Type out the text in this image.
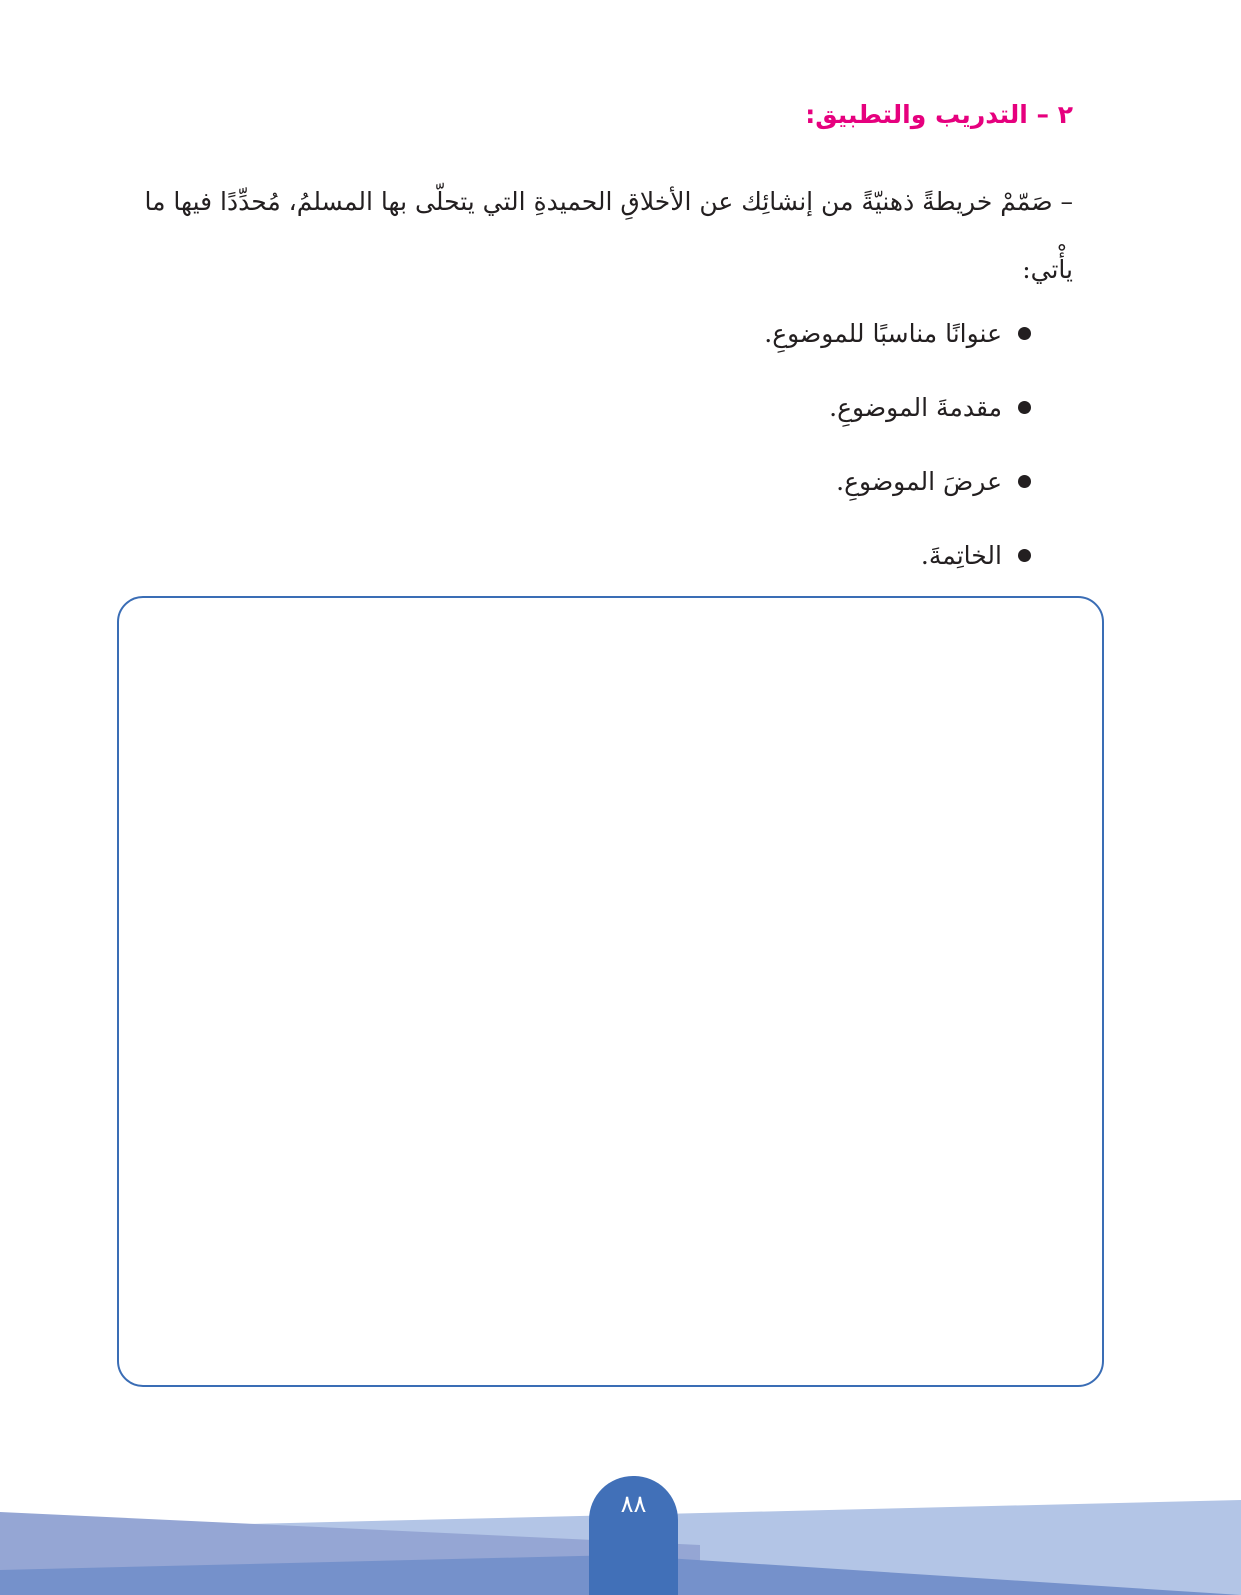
٢ – التدريب والتطبيق:
– صَمّمْ خريطةً ذهنيّةً من إنشائِك عن الأخلاقِ الحميدةِ التي يتحلّى بها المسلمُ، مُحدِّدًا فيها ما يأْتي:
عنوانًا مناسبًا للموضوعِ.
مقدمةَ الموضوعِ.
عرضَ الموضوعِ.
الخاتِمةَ.
٨٨
